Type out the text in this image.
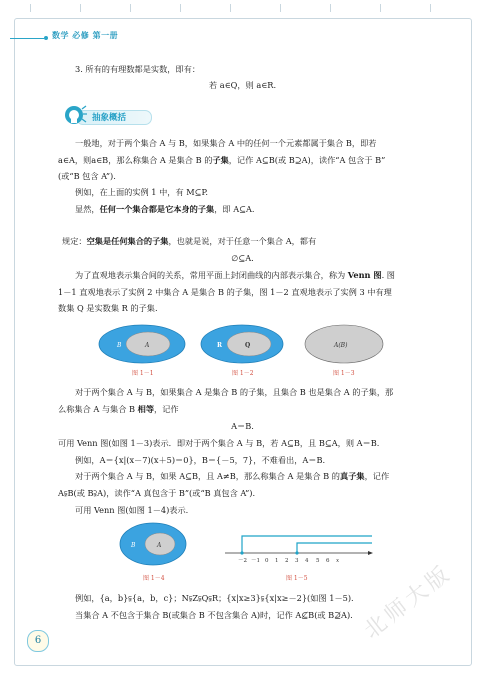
数学 必修 第一册
3. 所有的有理数都是实数，即有：
若 a∈Q，则 a∈R.
抽象概括
一般地，对于两个集合 A 与 B，如果集合 A 中的任何一个元素都属于集合 B，即若
a∈A，则a∈B，那么称集合 A 是集合 B 的子集，记作 A⊆B(或 B⊇A)，读作“A 包含于 B”
(或“B 包含 A”).
例如，在上面的实例 1 中，有 M⊆P.
显然，任何一个集合都是它本身的子集，即 A⊆A.
规定：空集是任何集合的子集，也就是说，对于任意一个集合 A，都有
∅⊆A.
为了直观地表示集合间的关系，常用平面上封闭曲线的内部表示集合，称为 Venn 图. 图
1－1 直观地表示了实例 2 中集合 A 是集合 B 的子集，图 1－2 直观地表示了实例 3 中有理
数集 Q 是实数集 R 的子集.
B	A
图 1－1
R	Q
图 1－2
A(B)
图 1－3
对于两个集合 A 与 B，如果集合 A 是集合 B 的子集，且集合 B 也是集合 A 的子集，那
么称集合 A 与集合 B 相等，记作
A＝B.
可用 Venn 图(如图 1－3)表示．即对于两个集合 A 与 B，若 A⊆B，且 B⊆A，则 A＝B.
例如，A＝{x|(x－7)(x＋5)＝0}，B＝{－5，7}，不难看出，A＝B.
对于两个集合 A 与 B，如果 A⊆B，且 A≠B，那么称集合 A 是集合 B 的真子集，记作
A⫋B(或 B⫌A)，读作“A 真包含于 B”(或“B 真包含 A”).
可用 Venn 图(如图 1－4)表示.
B	A
图 1－4
－2 －1 0 1 2 3 4 5 6 x
图 1－5
例如，{a，b}⫋{a，b，c}；N⫋Z⫋Q⫋R；{x|x≥3}⫋{x|x≥－2}(如图 1－5).
当集合 A 不包含于集合 B(或集合 B 不包含集合 A)时，记作 A⊈B(或 B⊉A).
6	北师大版
